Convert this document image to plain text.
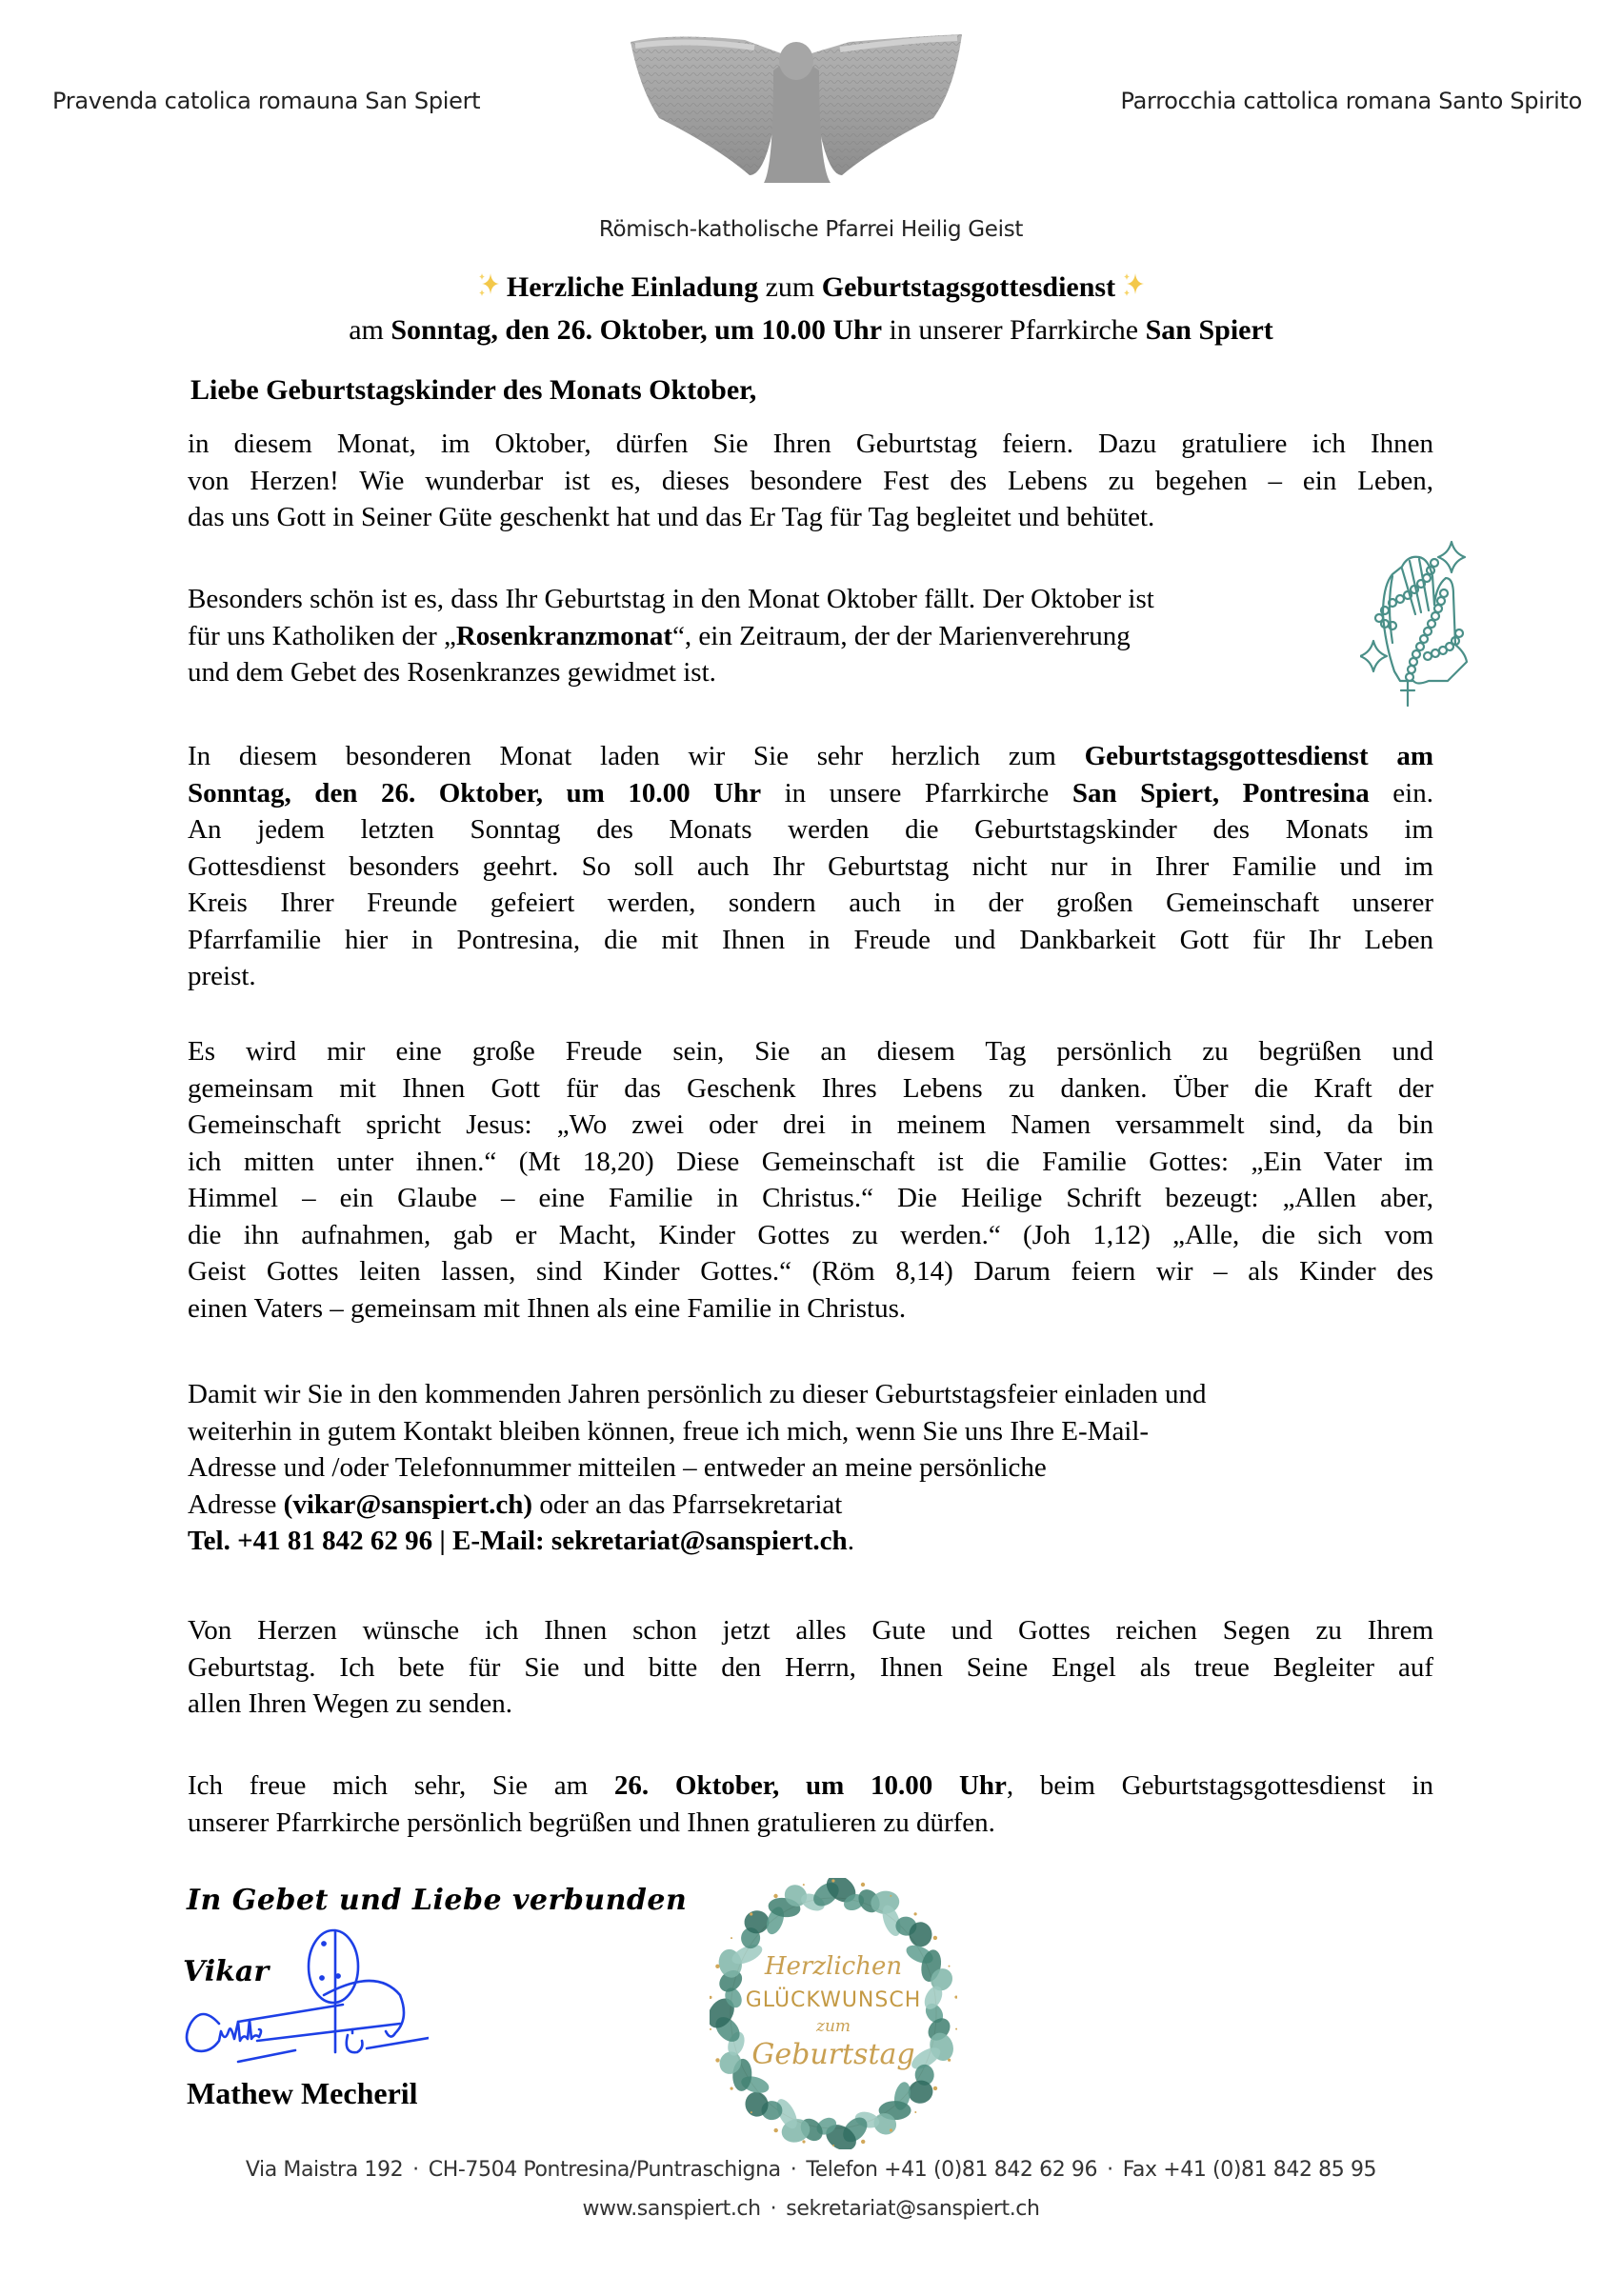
Pravenda catolica romauna San Spiert	Parrocchia cattolica romana Santo Spirito
Römisch-katholische Pfarrei Heilig Geist
Herzliche Einladung zum Geburtstagsgottesdienst
am Sonntag, den 26. Oktober, um 10.00 Uhr in unserer Pfarrkirche San Spiert
Liebe Geburtstagskinder des Monats Oktober,
in diesem Monat, im Oktober, dürfen Sie Ihren Geburtstag feiern. Dazu gratuliere ich Ihnen
von Herzen! Wie wunderbar ist es, dieses besondere Fest des Lebens zu begehen – ein Leben,
das uns Gott in Seiner Güte geschenkt hat und das Er Tag für Tag begleitet und behütet.
Besonders schön ist es, dass Ihr Geburtstag in den Monat Oktober fällt. Der Oktober ist
für uns Katholiken der „Rosenkranzmonat“, ein Zeitraum, der der Marienverehrung
und dem Gebet des Rosenkranzes gewidmet ist.
In diesem besonderen Monat laden wir Sie sehr herzlich zum Geburtstagsgottesdienst am
Sonntag, den 26. Oktober, um 10.00 Uhr in unsere Pfarrkirche San Spiert, Pontresina ein.
An jedem letzten Sonntag des Monats werden die Geburtstagskinder des Monats im
Gottesdienst besonders geehrt. So soll auch Ihr Geburtstag nicht nur in Ihrer Familie und im
Kreis Ihrer Freunde gefeiert werden, sondern auch in der großen Gemeinschaft unserer
Pfarrfamilie hier in Pontresina, die mit Ihnen in Freude und Dankbarkeit Gott für Ihr Leben
preist.
Es wird mir eine große Freude sein, Sie an diesem Tag persönlich zu begrüßen und
gemeinsam mit Ihnen Gott für das Geschenk Ihres Lebens zu danken. Über die Kraft der
Gemeinschaft spricht Jesus: „Wo zwei oder drei in meinem Namen versammelt sind, da bin
ich mitten unter ihnen.“ (Mt 18,20) Diese Gemeinschaft ist die Familie Gottes: „Ein Vater im
Himmel – ein Glaube – eine Familie in Christus.“ Die Heilige Schrift bezeugt: „Allen aber,
die ihn aufnahmen, gab er Macht, Kinder Gottes zu werden.“ (Joh 1,12) „Alle, die sich vom
Geist Gottes leiten lassen, sind Kinder Gottes.“ (Röm 8,14) Darum feiern wir – als Kinder des
einen Vaters – gemeinsam mit Ihnen als eine Familie in Christus.
Damit wir Sie in den kommenden Jahren persönlich zu dieser Geburtstagsfeier einladen und
weiterhin in gutem Kontakt bleiben können, freue ich mich, wenn Sie uns Ihre E-Mail-
Adresse und /oder Telefonnummer mitteilen – entweder an meine persönliche
Adresse (vikar@sanspiert.ch) oder an das Pfarrsekretariat
Tel. +41 81 842 62 96 | E-Mail: sekretariat@sanspiert.ch.
Von Herzen wünsche ich Ihnen schon jetzt alles Gute und Gottes reichen Segen zu Ihrem
Geburtstag. Ich bete für Sie und bitte den Herrn, Ihnen Seine Engel als treue Begleiter auf
allen Ihren Wegen zu senden.
Ich freue mich sehr, Sie am 26. Oktober, um 10.00 Uhr, beim Geburtstagsgottesdienst in
unserer Pfarrkirche persönlich begrüßen und Ihnen gratulieren zu dürfen.
In Gebet und Liebe verbunden
Vikar
Mathew Mecheril
Herzlichen
GLÜCKWUNSCH
zum
Geburtstag
Via Maistra 192 · CH-7504 Pontresina/Puntraschigna · Telefon +41 (0)81 842 62 96 · Fax +41 (0)81 842 85 95
www.sanspiert.ch · sekretariat@sanspiert.ch
